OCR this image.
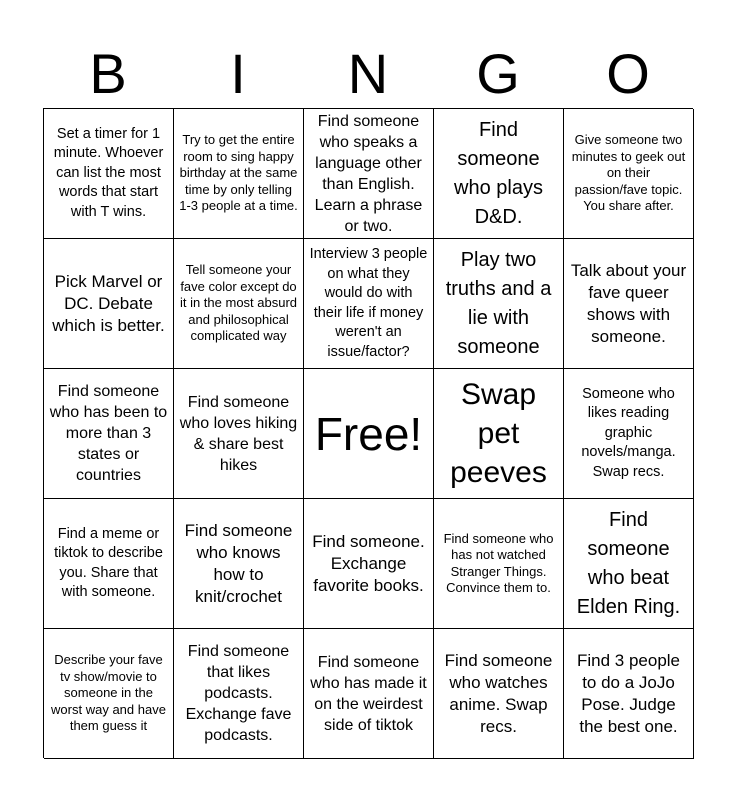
B	I	N	G	O
Set a timer for 1 minute. Whoever can list the most words that start with T wins.
Try to get the entire room to sing happy birthday at the same time by only telling 1-3 people at a time.
Find someone who speaks a language other than English. Learn a phrase or two.
Find someone who plays D&D.
Give someone two minutes to geek out on their passion/fave topic. You share after.
Pick Marvel or DC. Debate which is better.
Tell someone your fave color except do it in the most absurd and philosophical complicated way
Interview 3 people on what they would do with their life if money weren't an issue/factor?
Play two truths and a lie with someone
Talk about your fave queer shows with someone.
Find someone who has been to more than 3 states or countries
Find someone who loves hiking & share best hikes
Free!
Swap pet peeves
Someone who likes reading graphic novels/manga. Swap recs.
Find a meme or tiktok to describe you. Share that with someone.
Find someone who knows how to knit/crochet
Find someone. Exchange favorite books.
Find someone who has not watched Stranger Things. Convince them to.
Find someone who beat Elden Ring.
Describe your fave tv show/movie to someone in the worst way and have them guess it
Find someone that likes podcasts. Exchange fave podcasts.
Find someone who has made it on the weirdest side of tiktok
Find someone who watches anime. Swap recs.
Find 3 people to do a JoJo Pose. Judge the best one.
